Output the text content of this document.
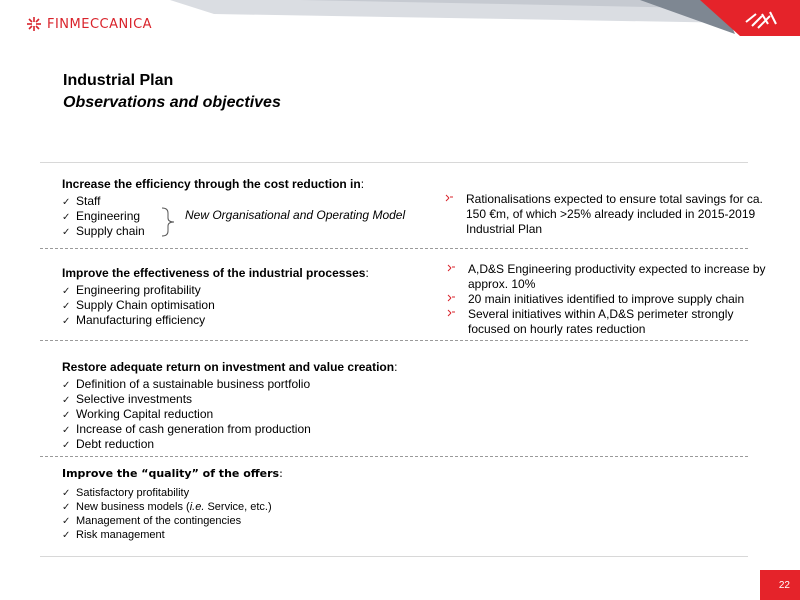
FINMECCANICA
Industrial Plan
Observations and objectives
Increase the efficiency through the cost reduction in:
✓ Staff
✓ Engineering
✓ Supply chain
New Organisational and Operating Model
Rationalisations expected to ensure total savings for ca.
150 €m, of which >25% already included in 2015-2019
Industrial Plan
Improve the effectiveness of the industrial processes:
✓ Engineering profitability
✓ Supply Chain optimisation
✓ Manufacturing efficiency
A,D&S Engineering productivity expected to increase by
approx. 10%
20 main initiatives identified to improve supply chain
Several initiatives within A,D&S perimeter strongly
focused on hourly rates reduction
Restore adequate return on investment and value creation:
✓ Definition of a sustainable business portfolio
✓ Selective investments
✓ Working Capital reduction
✓ Increase of cash generation from production
✓ Debt reduction
Improve the “quality” of the offers:
✓ Satisfactory profitability
✓ New business models (i.e. Service, etc.)
✓ Management of the contingencies
✓ Risk management
22
